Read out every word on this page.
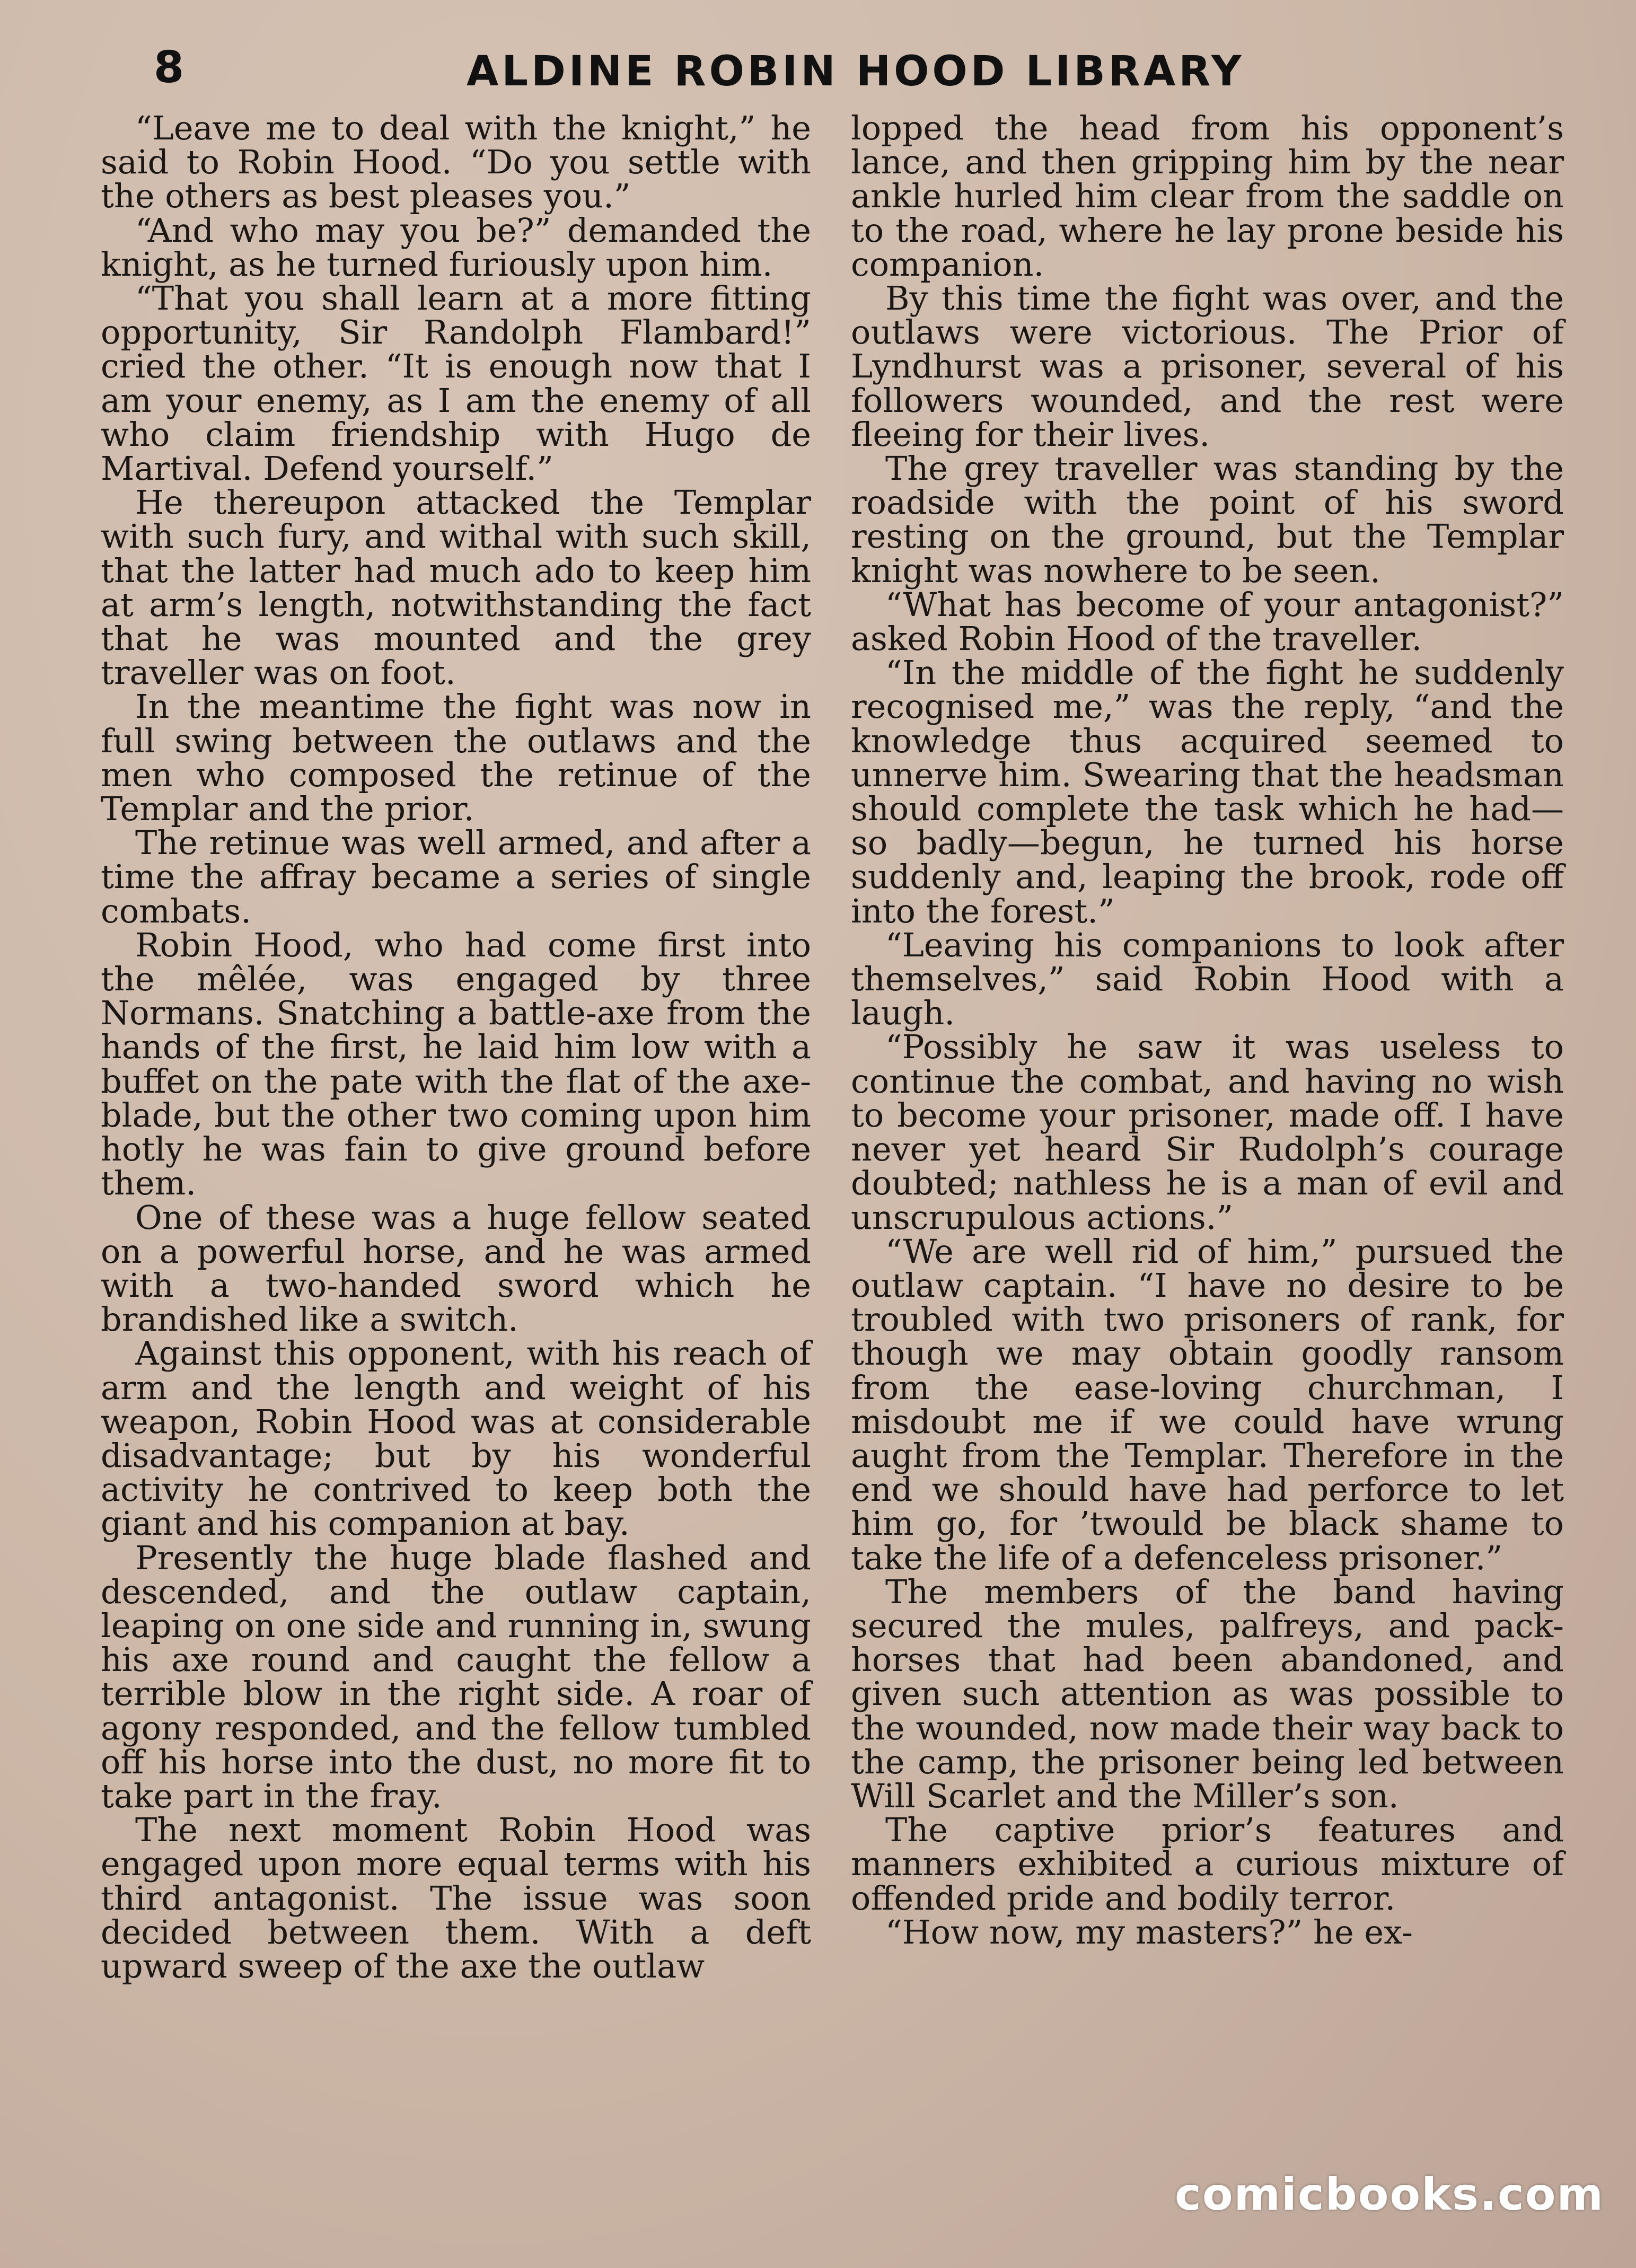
8	ALDINE ROBIN HOOD LIBRARY

“Leave me to deal with the knight,” he said to Robin Hood. “Do you settle with the others as best pleases you.”

“And who may you be?” demanded the knight, as he turned furiously upon him.

“That you shall learn at a more fitting opportunity, Sir Randolph Flambard!” cried the other. “It is enough now that I am your enemy, as I am the enemy of all who claim friendship with Hugo de Martival. Defend yourself.”

He thereupon attacked the Templar with such fury, and withal with such skill, that the latter had much ado to keep him at arm’s length, notwithstanding the fact that he was mounted and the grey traveller was on foot.

In the meantime the fight was now in full swing between the outlaws and the men who composed the retinue of the Templar and the prior.

The retinue was well armed, and after a time the affray became a series of single combats.

Robin Hood, who had come first into the mêlée, was engaged by three Normans. Snatching a battle-axe from the hands of the first, he laid him low with a buffet on the pate with the flat of the axe-blade, but the other two coming upon him hotly he was fain to give ground before them.

One of these was a huge fellow seated on a powerful horse, and he was armed with a two-handed sword which he brandished like a switch.

Against this opponent, with his reach of arm and the length and weight of his weapon, Robin Hood was at considerable disadvantage; but by his wonderful activity he contrived to keep both the giant and his companion at bay.

Presently the huge blade flashed and descended, and the outlaw captain, leaping on one side and running in, swung his axe round and caught the fellow a terrible blow in the right side. A roar of agony responded, and the fellow tumbled off his horse into the dust, no more fit to take part in the fray.

The next moment Robin Hood was engaged upon more equal terms with his third antagonist. The issue was soon decided between them. With a deft upward sweep of the axe the outlaw

lopped the head from his opponent’s lance, and then gripping him by the near ankle hurled him clear from the saddle on to the road, where he lay prone beside his companion.

By this time the fight was over, and the outlaws were victorious. The Prior of Lyndhurst was a prisoner, several of his followers wounded, and the rest were fleeing for their lives.

The grey traveller was standing by the roadside with the point of his sword resting on the ground, but the Templar knight was nowhere to be seen.

“What has become of your antagonist?” asked Robin Hood of the traveller.

“In the middle of the fight he suddenly recognised me,” was the reply, “and the knowledge thus acquired seemed to unnerve him. Swearing that the headsman should complete the task which he had—so badly—begun, he turned his horse suddenly and, leaping the brook, rode off into the forest.”

“Leaving his companions to look after themselves,” said Robin Hood with a laugh.

“Possibly he saw it was useless to continue the combat, and having no wish to become your prisoner, made off. I have never yet heard Sir Rudolph’s courage doubted; nathless he is a man of evil and unscrupulous actions.”

“We are well rid of him,” pursued the outlaw captain. “I have no desire to be troubled with two prisoners of rank, for though we may obtain goodly ransom from the ease-loving churchman, I misdoubt me if we could have wrung aught from the Templar. Therefore in the end we should have had perforce to let him go, for ’twould be black shame to take the life of a defenceless prisoner.”

The members of the band having secured the mules, palfreys, and pack-horses that had been abandoned, and given such attention as was possible to the wounded, now made their way back to the camp, the prisoner being led between Will Scarlet and the Miller’s son.

The captive prior’s features and manners exhibited a curious mixture of offended pride and bodily terror.

“How now, my masters?” he ex-

comicbooks.com
